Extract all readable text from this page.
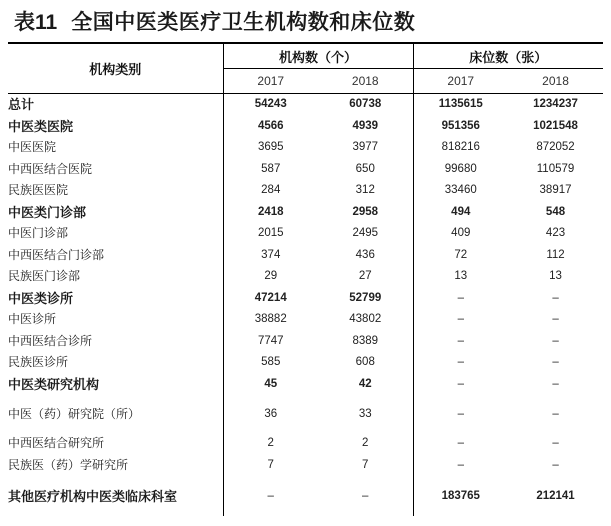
表11 全国中医类医疗卫生机构数和床位数
机构类别	机构数（个）		床位数（张）	
	2017	2018	2017	2018
总计	54243	60738	1135615	1234237
中医类医院	4566	4939	951356	1021548
中医医院	3695	3977	818216	872052
中西医结合医院	587	650	99680	110579
民族医医院	284	312	33460	38917
中医类门诊部	2418	2958	494	548
中医门诊部	2015	2495	409	423
中西医结合门诊部	374	436	72	112
民族医门诊部	29	27	13	13
中医类诊所	47214	52799	–	–
中医诊所	38882	43802	–	–
中西医结合诊所	7747	8389	–	–
民族医诊所	585	608	–	–
中医类研究机构	45	42	–	–
中医（药）研究院（所）	36	33	–	–
中西医结合研究所	2	2	–	–
民族医（药）学研究所	7	7	–	–
其他医疗机构中医类临床科室	–	–	183765	212141
